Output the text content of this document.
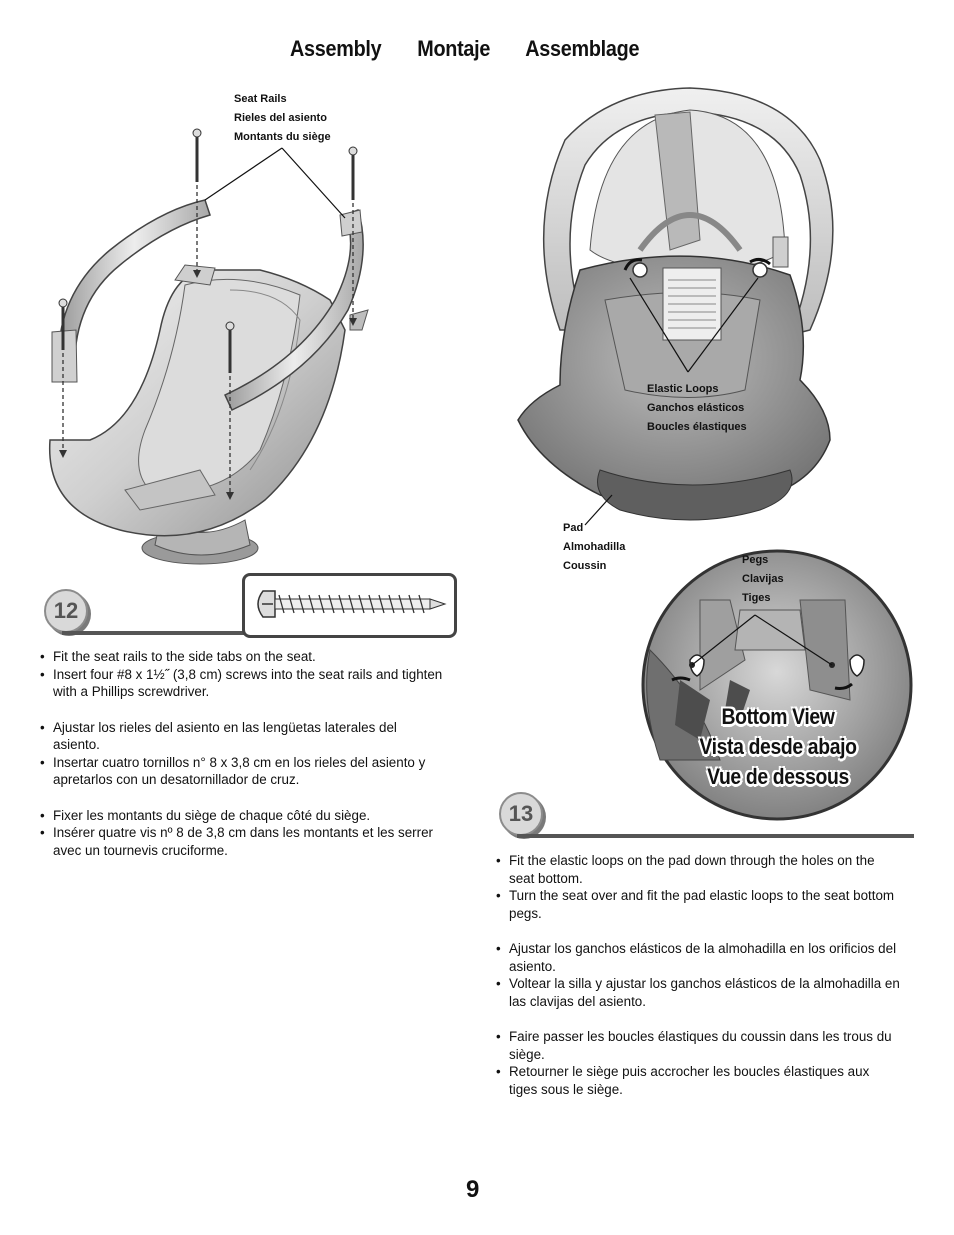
Assembly Montaje Assemblage
Seat Rails
Rieles del asiento
Montants du siège
Elastic Loops
Ganchos elásticos
Boucles élastiques
Pad
Almohadilla
Coussin	Pegs
Clavijas
Tiges
Bottom View
Vista desde abajo
Vue de dessous
12
• Fit the seat rails to the side tabs on the seat.
• Insert four #8 x 1½˝ (3,8 cm) screws into the seat rails and tighten with a Phillips screwdriver.
• Ajustar los rieles del asiento en las lengüetas laterales del asiento.
• Insertar cuatro tornillos n° 8 x 3,8 cm en los rieles del asiento y apretarlos con un desatornillador de cruz.
• Fixer les montants du siège de chaque côté du siège.
• Insérer quatre vis nº 8 de 3,8 cm dans les montants et les serrer avec un tournevis cruciforme.
13
• Fit the elastic loops on the pad down through the holes on the seat bottom.
• Turn the seat over and fit the pad elastic loops to the seat bottom pegs.
• Ajustar los ganchos elásticos de la almohadilla en los orificios del asiento.
• Voltear la silla y ajustar los ganchos elásticos de la almohadilla en las clavijas del asiento.
• Faire passer les boucles élastiques du coussin dans les trous du siège.
• Retourner le siège puis accrocher les boucles élastiques aux tiges sous le siège.
9
